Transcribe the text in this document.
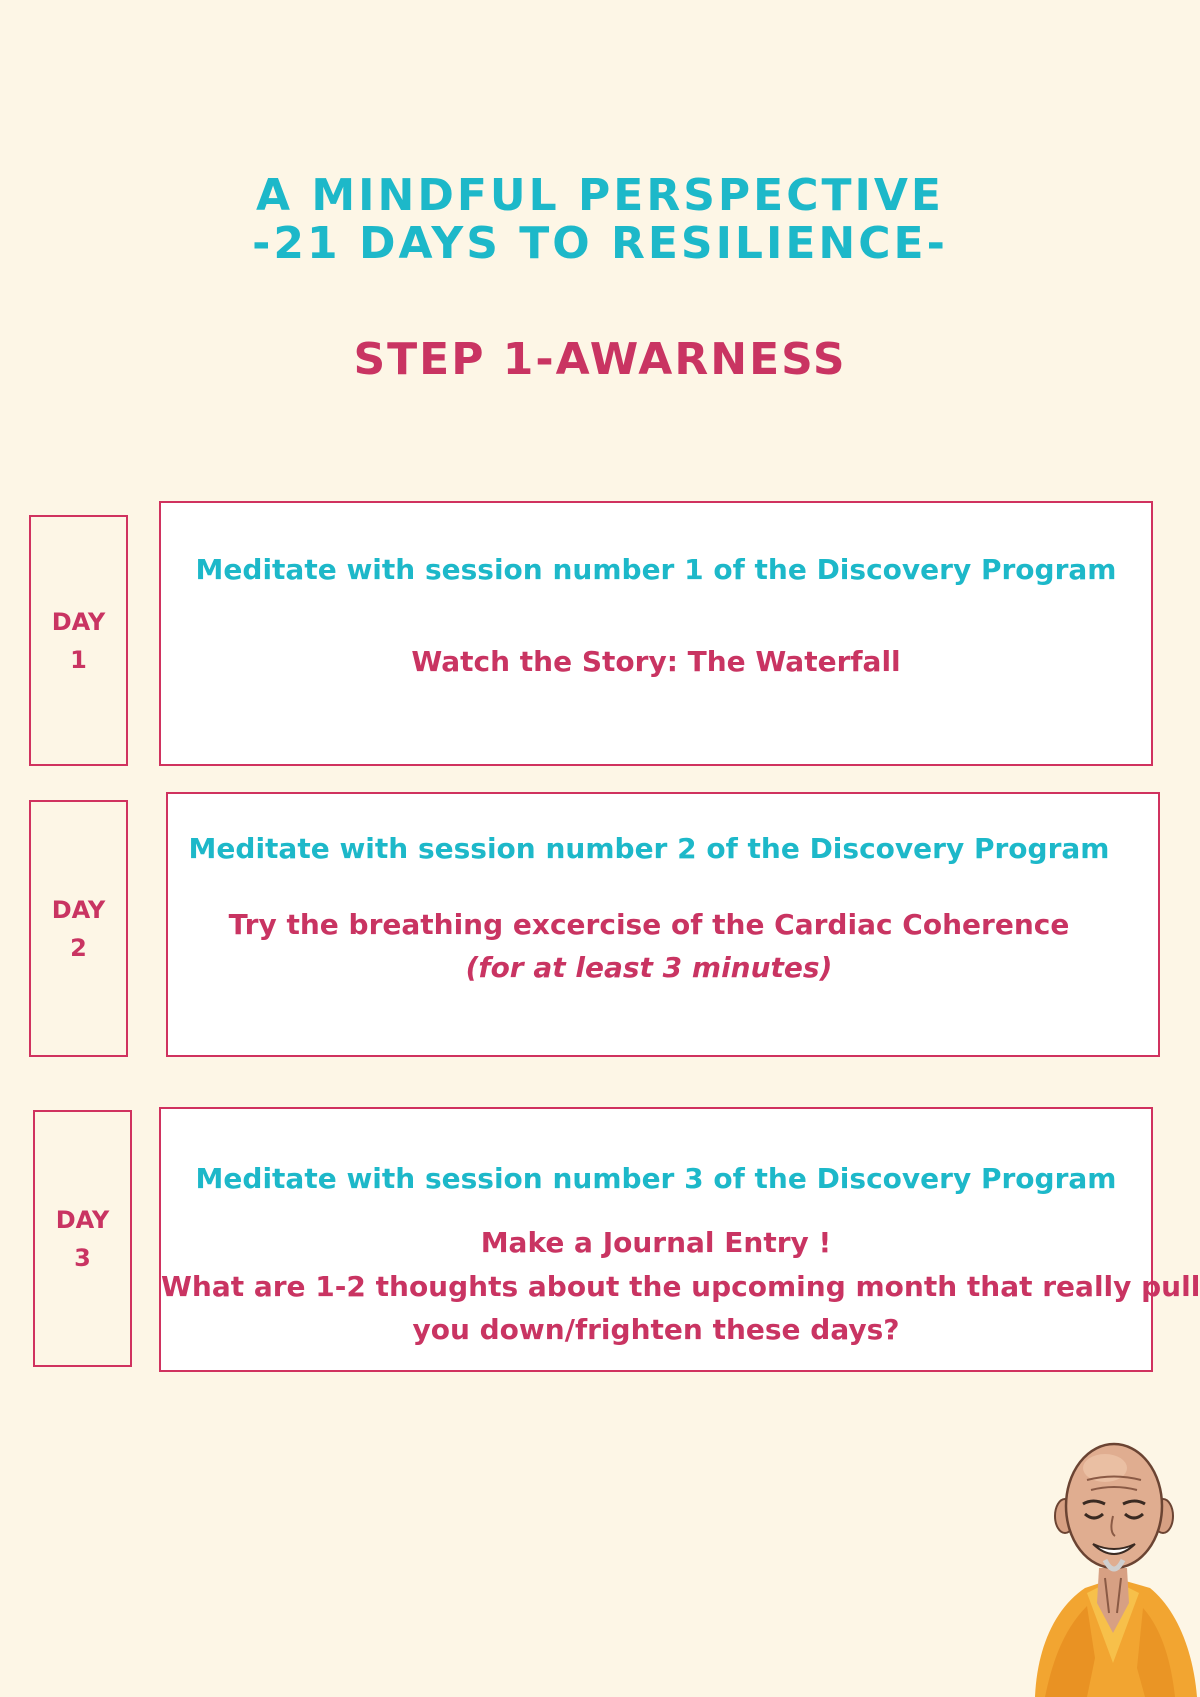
A MINDFUL PERSPECTIVE
-21 DAYS TO RESILIENCE-
STEP 1-AWARNESS
DAY
1
Meditate with session number 1 of the Discovery Program
Watch the Story: The Waterfall
DAY
2
Meditate with session number 2 of the Discovery Program
Try the breathing excercise of the Cardiac Coherence
(for at least 3 minutes)
DAY
3
Meditate with session number 3 of the Discovery Program
Make a Journal Entry !
What are 1-2 thoughts about the upcoming month that really pull
you down/frighten these days?
